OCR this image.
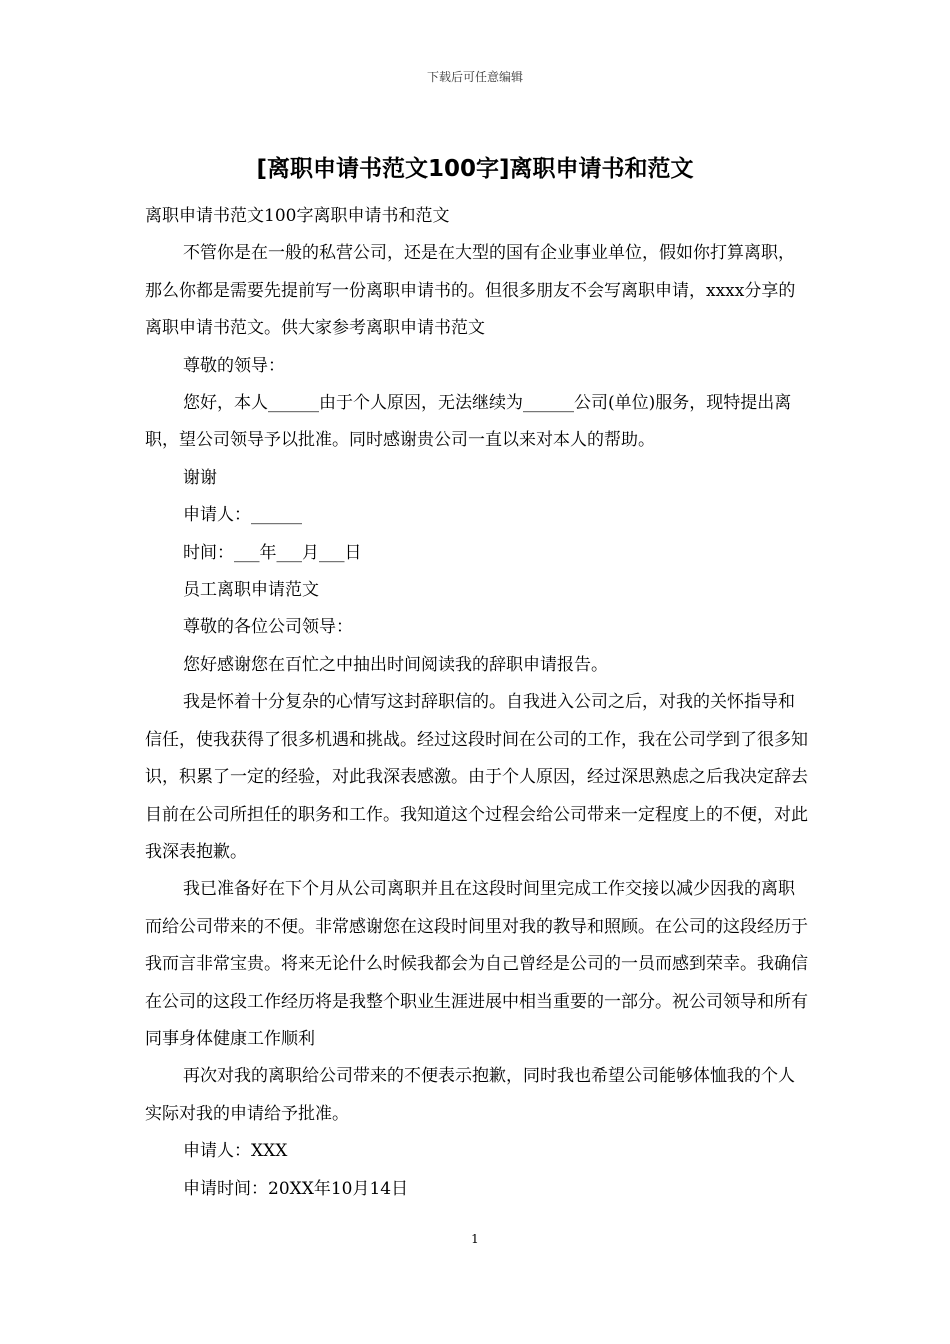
下载后可任意编辑
[离职申请书范文100字]离职申请书和范文

离职申请书范文100字离职申请书和范文

不管你是在一般的私营公司，还是在大型的国有企业事业单位，假如你打算离职，那么你都是需要先提前写一份离职申请书的。但很多朋友不会写离职申请，xxxx分享的离职申请书范文。供大家参考离职申请书范文

尊敬的领导：

您好，本人______由于个人原因，无法继续为______公司(单位)服务，现特提出离职，望公司领导予以批准。同时感谢贵公司一直以来对本人的帮助。

谢谢

申请人：______

时间：___年___月___日

员工离职申请范文

尊敬的各位公司领导：

您好感谢您在百忙之中抽出时间阅读我的辞职申请报告。

我是怀着十分复杂的心情写这封辞职信的。自我进入公司之后，对我的关怀指导和信任，使我获得了很多机遇和挑战。经过这段时间在公司的工作，我在公司学到了很多知识，积累了一定的经验，对此我深表感激。由于个人原因，经过深思熟虑之后我决定辞去目前在公司所担任的职务和工作。我知道这个过程会给公司带来一定程度上的不便，对此我深表抱歉。

我已准备好在下个月从公司离职并且在这段时间里完成工作交接以减少因我的离职而给公司带来的不便。非常感谢您在这段时间里对我的教导和照顾。在公司的这段经历于我而言非常宝贵。将来无论什么时候我都会为自己曾经是公司的一员而感到荣幸。我确信在公司的这段工作经历将是我整个职业生涯进展中相当重要的一部分。祝公司领导和所有同事身体健康工作顺利

再次对我的离职给公司带来的不便表示抱歉，同时我也希望公司能够体恤我的个人实际对我的申请给予批准。

申请人：XXX

申请时间：20XX年10月14日

1
